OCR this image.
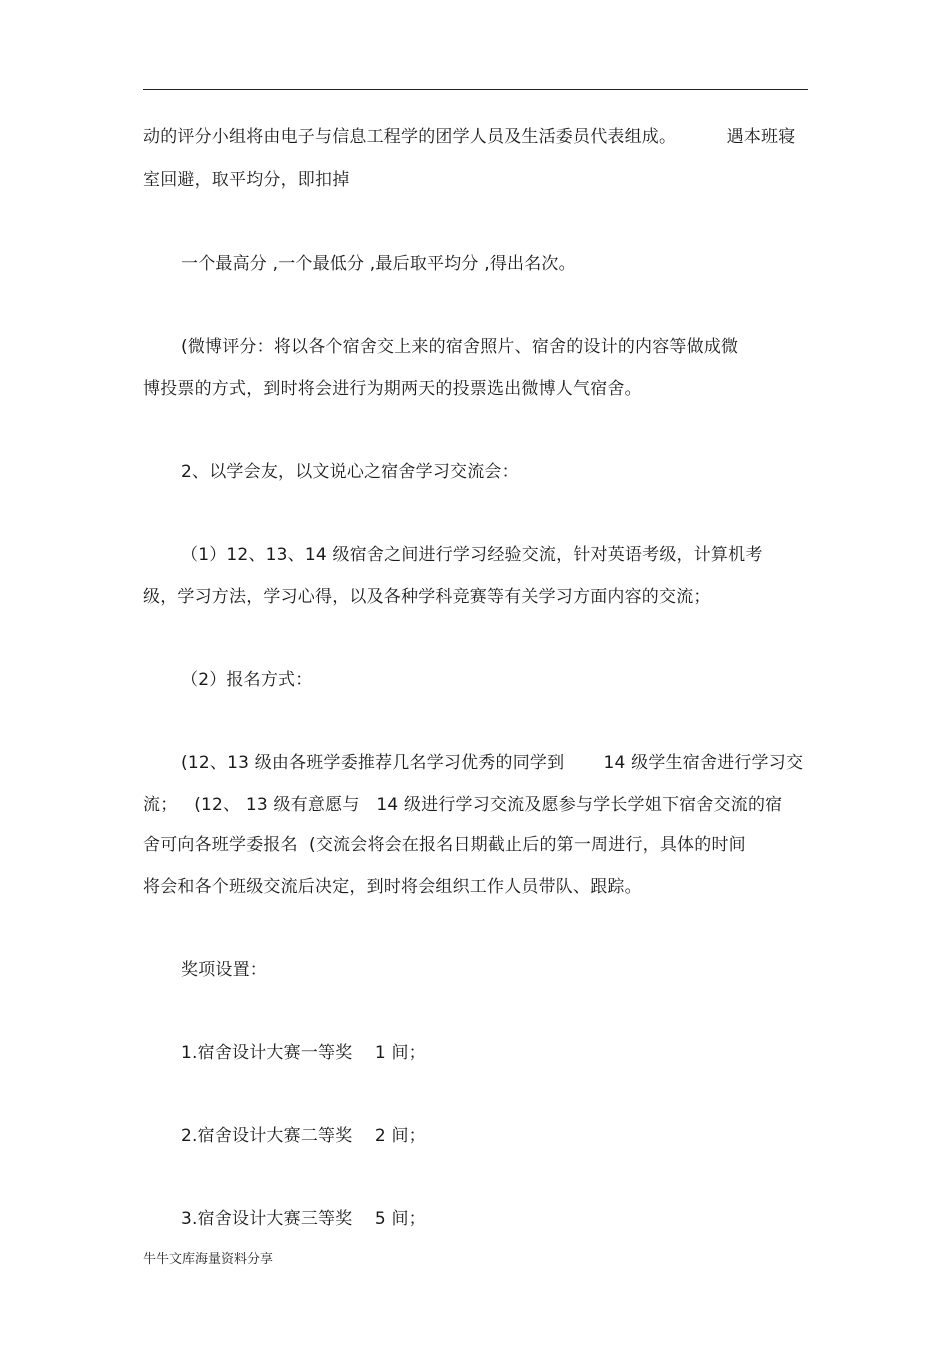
动的评分小组将由电子与信息工程学的团学人员及生活委员代表组成。         遇本班寝
室回避，取平均分，即扣掉
一个最高分 ,一个最低分 ,最后取平均分 ,得出名次。
(微博评分：将以各个宿舍交上来的宿舍照片、宿舍的设计的内容等做成微
博投票的方式，到时将会进行为期两天的投票选出微博人气宿舍。
2、以学会友，以文说心之宿舍学习交流会：
（1）12、13、14 级宿舍之间进行学习经验交流，针对英语考级，计算机考
级，学习方法，学习心得，以及各种学科竞赛等有关学习方面内容的交流；
（2）报名方式：
(12、13 级由各班学委推荐几名学习优秀的同学到       14 级学生宿舍进行学习交
流；   (12、 13 级有意愿与   14 级进行学习交流及愿参与学长学姐下宿舍交流的宿
舍可向各班学委报名  (交流会将会在报名日期截止后的第一周进行，具体的时间
将会和各个班级交流后决定，到时将会组织工作人员带队、跟踪。
奖项设置：
1.宿舍设计大赛一等奖    1 间；
2.宿舍设计大赛二等奖    2 间；
3.宿舍设计大赛三等奖    5 间；
牛牛文库海量资料分享
